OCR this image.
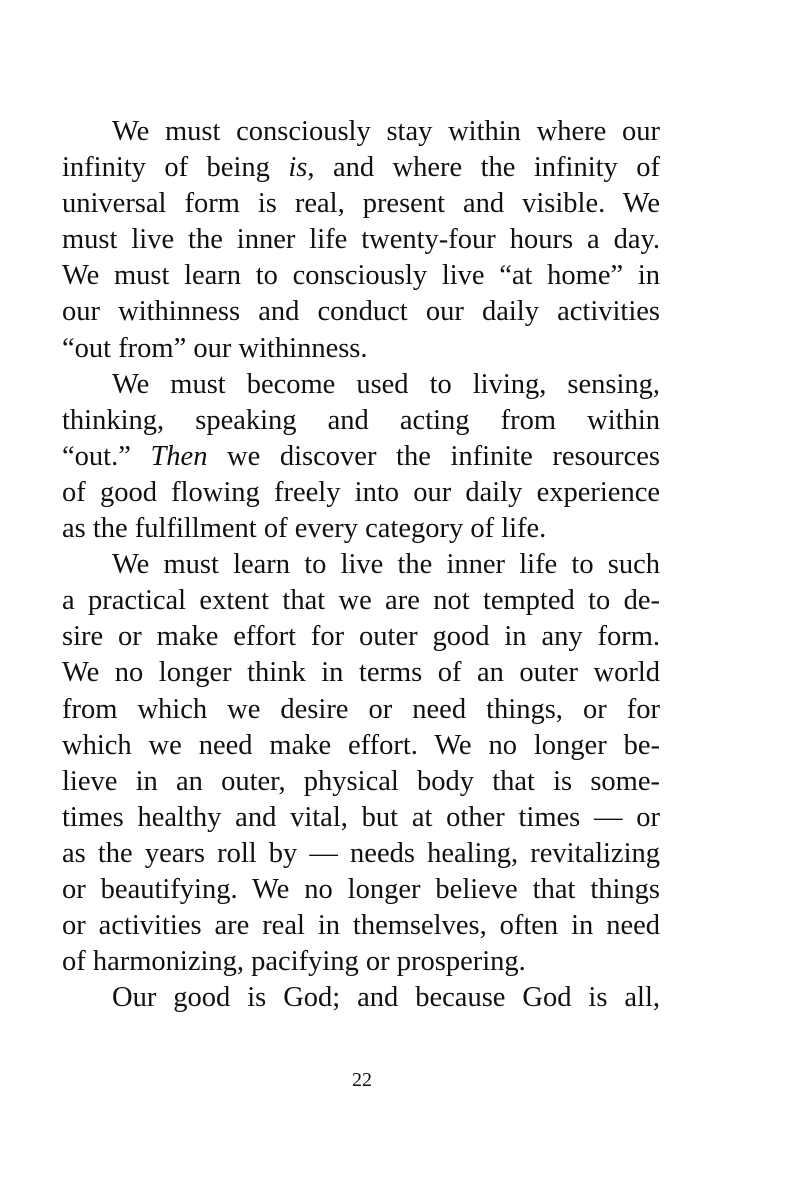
We must consciously stay within where our
infinity of being is, and where the infinity of
universal form is real, present and visible. We
must live the inner life twenty-four hours a day.
We must learn to consciously live “at home” in
our withinness and conduct our daily activities
“out from” our withinness.
We must become used to living, sensing,
thinking, speaking and acting from within
“out.” Then we discover the infinite resources
of good flowing freely into our daily experience
as the fulfillment of every category of life.
We must learn to live the inner life to such
a practical extent that we are not tempted to de-
sire or make effort for outer good in any form.
We no longer think in terms of an outer world
from which we desire or need things, or for
which we need make effort. We no longer be-
lieve in an outer, physical body that is some-
times healthy and vital, but at other times — or
as the years roll by — needs healing, revitalizing
or beautifying. We no longer believe that things
or activities are real in themselves, often in need
of harmonizing, pacifying or prospering.
Our good is God; and because God is all,
22
